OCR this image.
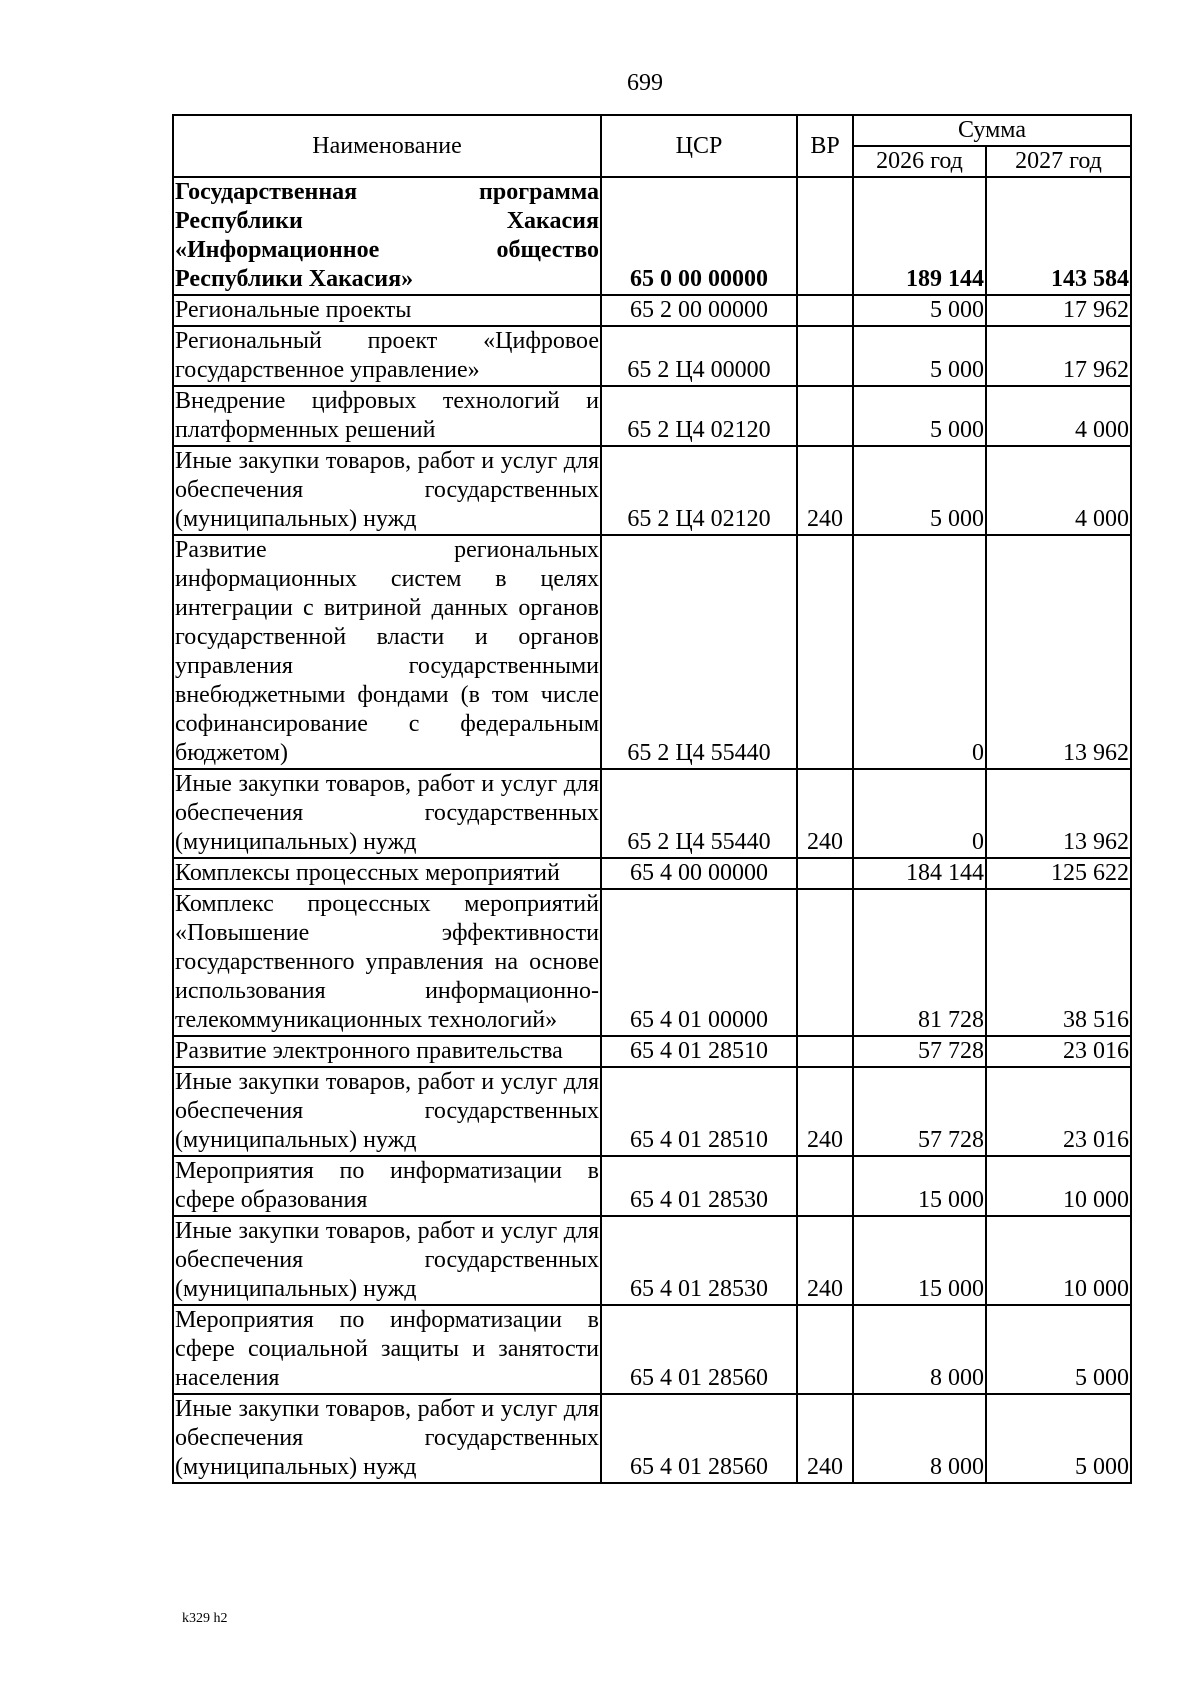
699
Наименование	ЦСР	ВР	Сумма	
			2026 год	2027 год
Государственная программа Республики Хакасия «Информационное общество Республики Хакасия»	65 0 00 00000		189 144	143 584
Региональные проекты	65 2 00 00000		5 000	17 962
Региональный проект «Цифровое государственное управление»	65 2 Ц4 00000		5 000	17 962
Внедрение цифровых технологий и платформенных решений	65 2 Ц4 02120		5 000	4 000
Иные закупки товаров, работ и услуг для обеспечения государственных (муниципальных) нужд	65 2 Ц4 02120	240	5 000	4 000
Развитие региональных информационных систем в целях интеграции с витриной данных органов государственной власти и органов управления государственными внебюджетными фондами (в том числе софинансирование с федеральным бюджетом)	65 2 Ц4 55440		0	13 962
Иные закупки товаров, работ и услуг для обеспечения государственных (муниципальных) нужд	65 2 Ц4 55440	240	0	13 962
Комплексы процессных мероприятий	65 4 00 00000		184 144	125 622
Комплекс процессных мероприятий «Повышение эффективности государственного управления на основе использования информационно-телекоммуникационных технологий»	65 4 01 00000		81 728	38 516
Развитие электронного правительства	65 4 01 28510		57 728	23 016
Иные закупки товаров, работ и услуг для обеспечения государственных (муниципальных) нужд	65 4 01 28510	240	57 728	23 016
Мероприятия по информатизации в сфере образования	65 4 01 28530		15 000	10 000
Иные закупки товаров, работ и услуг для обеспечения государственных (муниципальных) нужд	65 4 01 28530	240	15 000	10 000
Мероприятия по информатизации в сфере социальной защиты и занятости населения	65 4 01 28560		8 000	5 000
Иные закупки товаров, работ и услуг для обеспечения государственных (муниципальных) нужд	65 4 01 28560	240	8 000	5 000
k329 h2
